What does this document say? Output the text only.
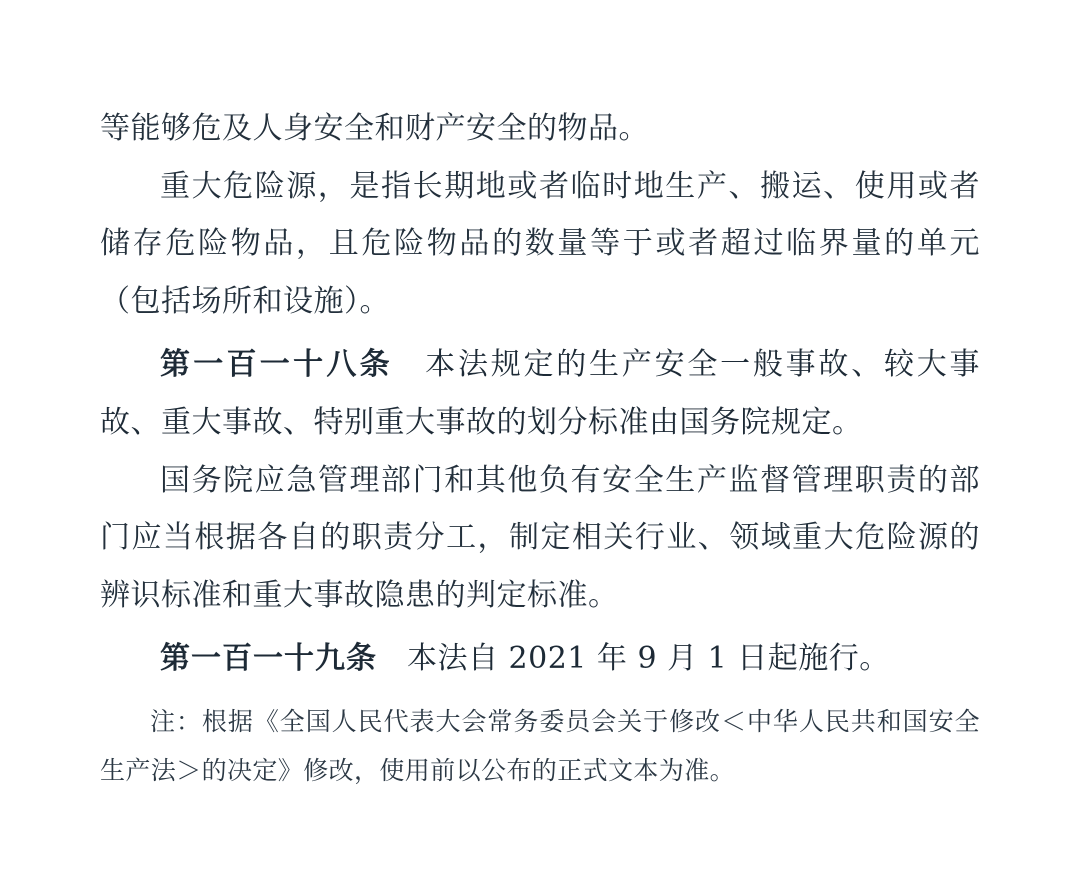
等能够危及人身安全和财产安全的物品。

重大危险源，是指长期地或者临时地生产、搬运、使用或者储存危险物品，且危险物品的数量等于或者超过临界量的单元（包括场所和设施）。

第一百一十八条 本法规定的生产安全一般事故、较大事故、重大事故、特别重大事故的划分标准由国务院规定。

国务院应急管理部门和其他负有安全生产监督管理职责的部门应当根据各自的职责分工，制定相关行业、领域重大危险源的辨识标准和重大事故隐患的判定标准。

第一百一十九条 本法自 2021 年 9 月 1 日起施行。

注：根据《全国人民代表大会常务委员会关于修改＜中华人民共和国安全生产法＞的决定》修改，使用前以公布的正式文本为准。
